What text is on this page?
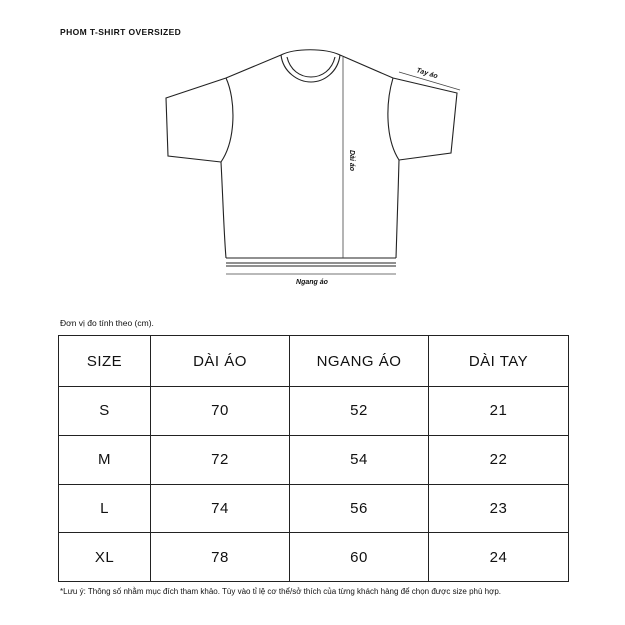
PHOM T-SHIRT OVERSIZED
Tay áo
Dài áo
Ngang áo
Đơn vị đo tính theo (cm).
SIZE	DÀI ÁO	NGANG ÁO	DÀI TAY
S	70	52	21
M	72	54	22
L	74	56	23
XL	78	60	24
*Lưu ý: Thông số nhằm mục đích tham khảo. Tùy vào tỉ lệ cơ thể/sở thích của từng khách hàng để chọn được size phù hợp.
